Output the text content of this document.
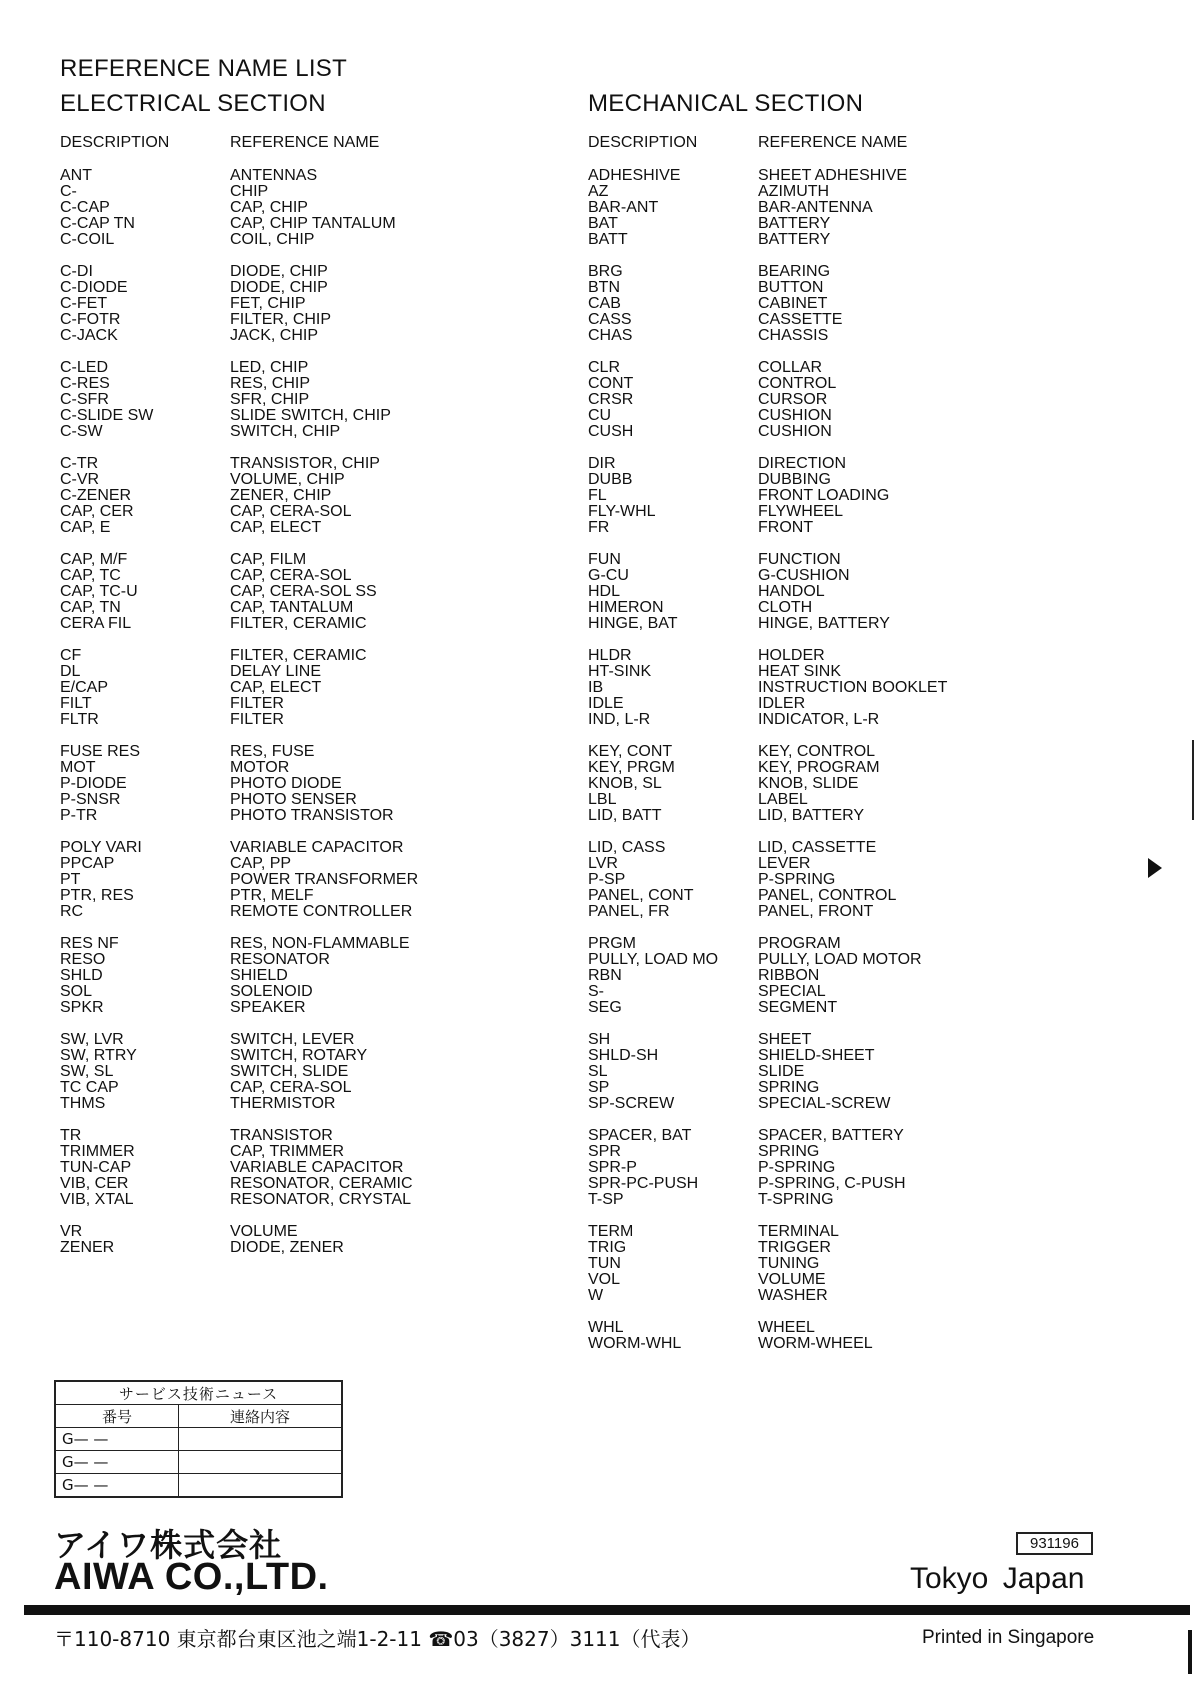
REFERENCE NAME LIST
ELECTRICAL SECTION
DESCRIPTION	REFERENCE NAME
ANT	ANTENNAS
C-	CHIP
C-CAP	CAP, CHIP
C-CAP TN	CAP, CHIP TANTALUM
C-COIL	COIL, CHIP
C-DI	DIODE, CHIP
C-DIODE	DIODE, CHIP
C-FET	FET, CHIP
C-FOTR	FILTER, CHIP
C-JACK	JACK, CHIP
C-LED	LED, CHIP
C-RES	RES, CHIP
C-SFR	SFR, CHIP
C-SLIDE SW	SLIDE SWITCH, CHIP
C-SW	SWITCH, CHIP
C-TR	TRANSISTOR, CHIP
C-VR	VOLUME, CHIP
C-ZENER	ZENER, CHIP
CAP, CER	CAP, CERA-SOL
CAP, E	CAP, ELECT
CAP, M/F	CAP, FILM
CAP, TC	CAP, CERA-SOL
CAP, TC-U	CAP, CERA-SOL SS
CAP, TN	CAP, TANTALUM
CERA FIL	FILTER, CERAMIC
CF	FILTER, CERAMIC
DL	DELAY LINE
E/CAP	CAP, ELECT
FILT	FILTER
FLTR	FILTER
FUSE RES	RES, FUSE
MOT	MOTOR
P-DIODE	PHOTO DIODE
P-SNSR	PHOTO SENSER
P-TR	PHOTO TRANSISTOR
POLY VARI	VARIABLE CAPACITOR
PPCAP	CAP, PP
PT	POWER TRANSFORMER
PTR, RES	PTR, MELF
RC	REMOTE CONTROLLER
RES NF	RES, NON-FLAMMABLE
RESO	RESONATOR
SHLD	SHIELD
SOL	SOLENOID
SPKR	SPEAKER
SW, LVR	SWITCH, LEVER
SW, RTRY	SWITCH, ROTARY
SW, SL	SWITCH, SLIDE
TC CAP	CAP, CERA-SOL
THMS	THERMISTOR
TR	TRANSISTOR
TRIMMER	CAP, TRIMMER
TUN-CAP	VARIABLE CAPACITOR
VIB, CER	RESONATOR, CERAMIC
VIB, XTAL	RESONATOR, CRYSTAL
VR	VOLUME
ZENER	DIODE, ZENER
MECHANICAL SECTION
DESCRIPTION	REFERENCE NAME
ADHESHIVE	SHEET ADHESHIVE
AZ	AZIMUTH
BAR-ANT	BAR-ANTENNA
BAT	BATTERY
BATT	BATTERY
BRG	BEARING
BTN	BUTTON
CAB	CABINET
CASS	CASSETTE
CHAS	CHASSIS
CLR	COLLAR
CONT	CONTROL
CRSR	CURSOR
CU	CUSHION
CUSH	CUSHION
DIR	DIRECTION
DUBB	DUBBING
FL	FRONT LOADING
FLY-WHL	FLYWHEEL
FR	FRONT
FUN	FUNCTION
G-CU	G-CUSHION
HDL	HANDOL
HIMERON	CLOTH
HINGE, BAT	HINGE, BATTERY
HLDR	HOLDER
HT-SINK	HEAT SINK
IB	INSTRUCTION BOOKLET
IDLE	IDLER
IND, L-R	INDICATOR, L-R
KEY, CONT	KEY, CONTROL
KEY, PRGM	KEY, PROGRAM
KNOB, SL	KNOB, SLIDE
LBL	LABEL
LID, BATT	LID, BATTERY
LID, CASS	LID, CASSETTE
LVR	LEVER
P-SP	P-SPRING
PANEL, CONT	PANEL, CONTROL
PANEL, FR	PANEL, FRONT
PRGM	PROGRAM
PULLY, LOAD MO	PULLY, LOAD MOTOR
RBN	RIBBON
S-	SPECIAL
SEG	SEGMENT
SH	SHEET
SHLD-SH	SHIELD-SHEET
SL	SLIDE
SP	SPRING
SP-SCREW	SPECIAL-SCREW
SPACER, BAT	SPACER, BATTERY
SPR	SPRING
SPR-P	P-SPRING
SPR-PC-PUSH	P-SPRING, C-PUSH
T-SP	T-SPRING
TERM	TERMINAL
TRIG	TRIGGER
TUN	TUNING
VOL	VOLUME
W	WASHER
WHL	WHEEL
WORM-WHL	WORM-WHEEL
サービス技術ニュース	
番号	連絡内容
G— —	
G— —	
G— —	
アイワ株式会社
AIWA CO.,LTD.
931196
Tokyo Japan
〒110-8710 東京都台東区池之端1-2-11 ☎03（3827）3111（代表）	Printed in Singapore
